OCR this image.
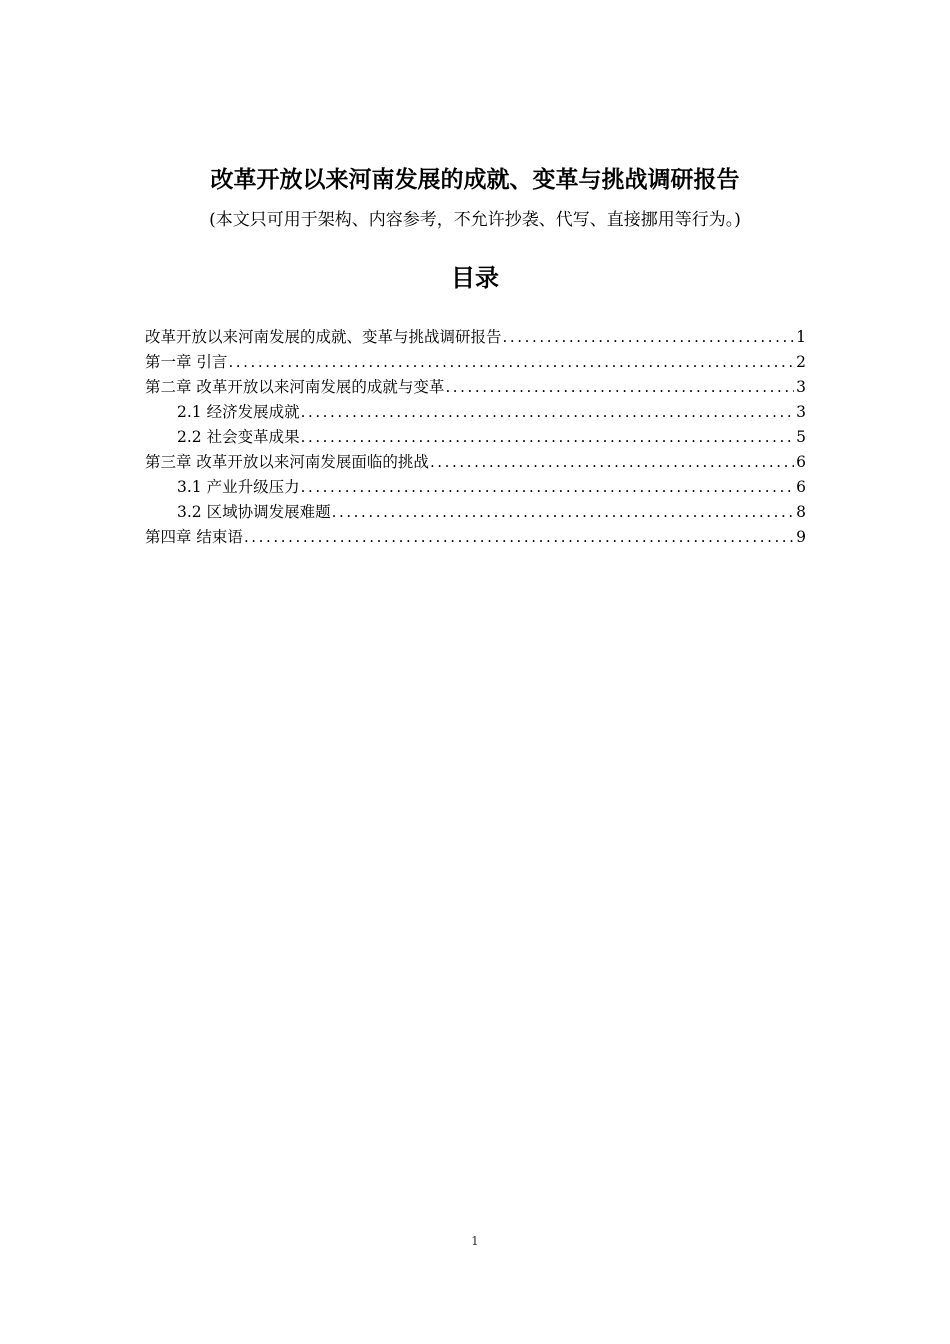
改革开放以来河南发展的成就、变革与挑战调研报告
(本文只可用于架构、内容参考，不允许抄袭、代写、直接挪用等行为。)
目录
改革开放以来河南发展的成就、变革与挑战调研报告 .....	1
第一章 引言 .....	2
第二章 改革开放以来河南发展的成就与变革 .....	3
2.1 经济发展成就 .....	3
2.2 社会变革成果 .....	5
第三章 改革开放以来河南发展面临的挑战 .....	6
3.1 产业升级压力 .....	6
3.2 区域协调发展难题 .....	8
第四章 结束语 .....	9
1
